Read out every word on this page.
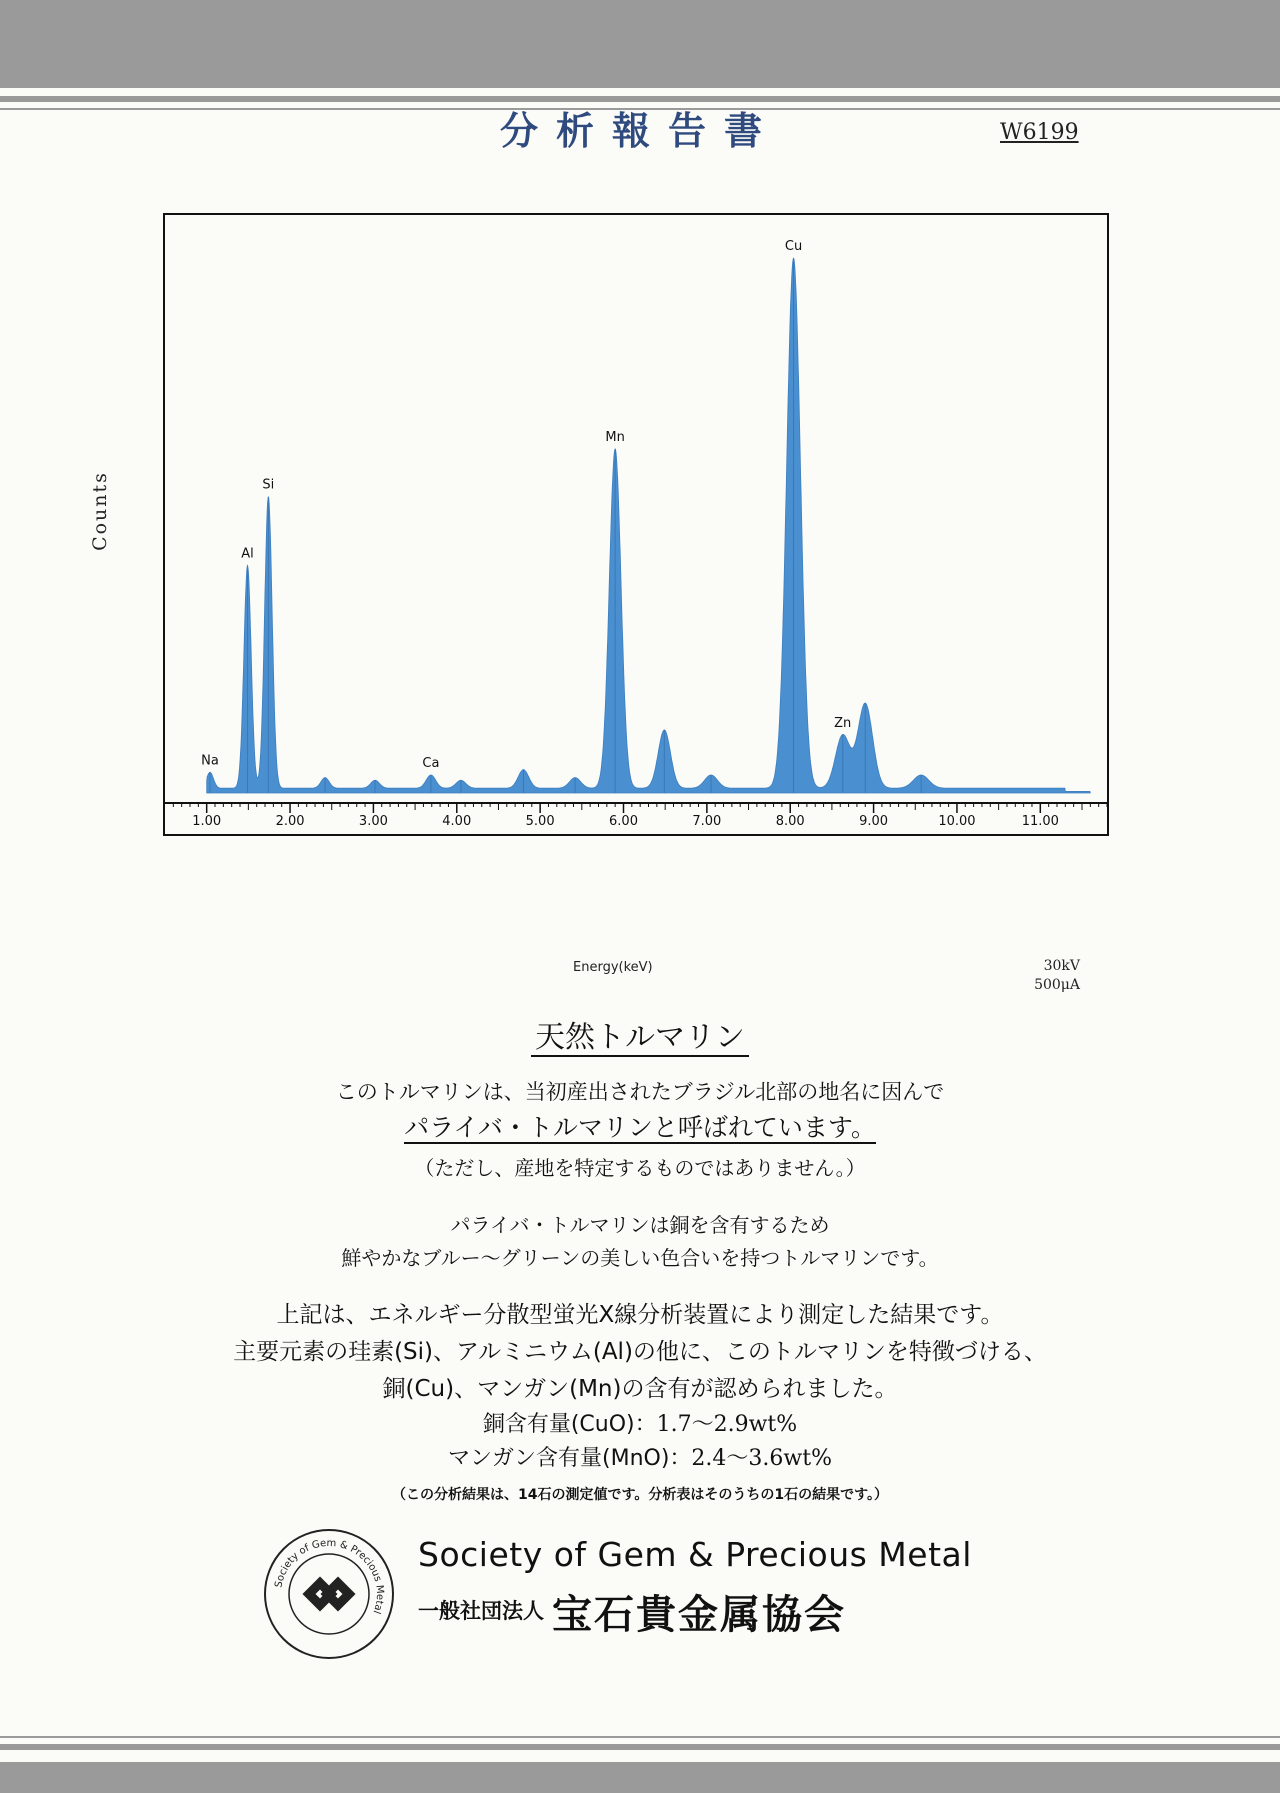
分析報告書	W6199
Na
Al
Si
Ca
Mn
Cu
Zn
1.00	2.00	3.00	4.00	5.00	6.00	7.00	8.00	9.00	10.00	11.00
Counts
Energy(keV)	30kV
500μA
天然トルマリン
このトルマリンは、当初産出されたブラジル北部の地名に因んで
パライバ・トルマリンと呼ばれています。
（ただし、産地を特定するものではありません。）
パライバ・トルマリンは銅を含有するため
鮮やかなブルー～グリーンの美しい色合いを持つトルマリンです。
上記は、エネルギー分散型蛍光X線分析装置により測定した結果です。
主要元素の珪素(Si)、アルミニウム(Al)の他に、このトルマリンを特徴づける、
銅(Cu)、マンガン(Mn)の含有が認められました。
銅含有量(CuO)：1.7～2.9wt%
マンガン含有量(MnO)：2.4～3.6wt%
（この分析結果は、14石の測定値です。分析表はそのうちの1石の結果です。）
Society of Gem & Precious Metal
Society of Gem & Precious Metal
一般社団法人 宝石貴金属協会
